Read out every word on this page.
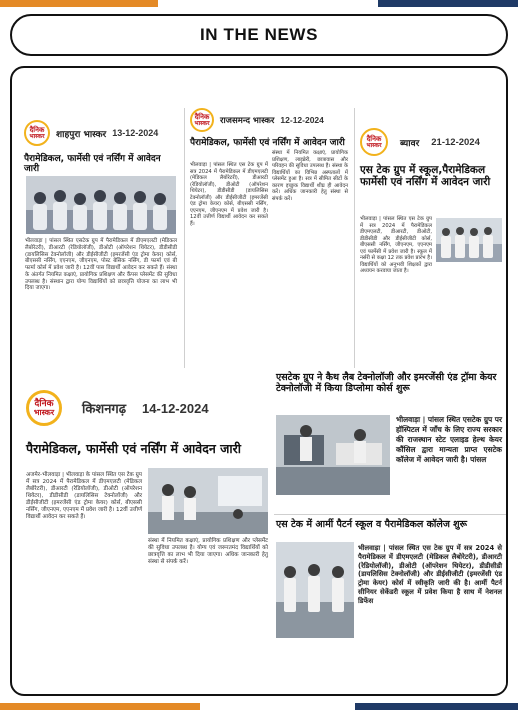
IN THE NEWS
दैनिक
भास्कर शाहपुरा भास्कर 13-12-2024
पैरामेडिकल, फार्मेसी एवं नर्सिंग में आवेदन जारी
भीलवाड़ा | पांसल स्थित एसटेक ग्रुप में पैरामेडिकल में डीएमएलटी (मेडिकल लैबोरेटरी), डीआरटी (रेडियोलॉजी), डीओटी (ऑपरेशन थियेटर), डीडीसीडी (डायलिसिस टेक्नोलॉजी) और डीईसीजीटी (इमरजेंसी एंड ट्रोमा केयर) कोर्स, बीएससी नर्सिंग, एएनएम, जीएनएम, पोस्ट बेसिक नर्सिंग, डी फार्मा एवं बी फार्मा कोर्स में प्रवेश जारी है। 12वीं पास विद्यार्थी आवेदन कर सकते हैं। संस्था के अंतर्गत नियमित कक्षाएं, प्रायोगिक प्रशिक्षण और कैंपस प्लेसमेंट की सुविधा उपलब्ध है। संस्थान द्वारा योग्य विद्यार्थियों को छात्रवृत्ति योजना का लाभ भी दिया जाएगा।
दैनिक
भास्कर राजसमन्द भास्कर 12-12-2024
पैरामेडिकल, फार्मेसी एवं नर्सिंग में आवेदन जारी
भीलवाड़ा | पांसल स्थित एस टेक ग्रुप में सत्र 2024 में पैरामेडिकल में डीएमएलटी (मेडिकल लैबोरेटरी), डीआरटी (रेडियोलॉजी), डीओटी (ऑपरेशन थियेटर), डीडीसीडी (डायलिसिस टेक्नोलॉजी) और डीईसीजीटी (इमरजेंसी एंड ट्रोमा केयर) कोर्स, बीएससी नर्सिंग, एएनएम, जीएनएम में प्रवेश जारी है। 12वीं उत्तीर्ण विद्यार्थी आवेदन कर सकते हैं।
संस्था में नियमित कक्षाएं, प्रायोगिक प्रशिक्षण, लाइब्रेरी, छात्रावास और परिवहन की सुविधा उपलब्ध है। संस्था के विद्यार्थियों का विभिन्न अस्पतालों में प्लेसमेंट हुआ है। सत्र में सीमित सीटों के कारण इच्छुक विद्यार्थी शीघ्र ही आवेदन करें। अधिक जानकारी हेतु संस्था से संपर्क करें।
दैनिक
भास्कर ब्यावर 21-12-2024
एस टेक ग्रुप में स्कूल,पैरामेडिकल फार्मेसी एवं नर्सिंग में आवेदन जारी
भीलवाड़ा | पांसल स्थित एस टेक ग्रुप में सत्र 2024 में पैरामेडिकल डीएमएलटी, डीआरटी, डीओटी, डीडीसीडी और डीईसीजीटी कोर्स, बीएससी नर्सिंग, जीएनएम, एएनएम एवं फार्मेसी में प्रवेश जारी है। स्कूल में नर्सरी से कक्षा 12 तक प्रवेश प्रारंभ है। विद्यार्थियों को अनुभवी शिक्षकों द्वारा अध्ययन करवाया जाता है।
एसटेक ग्रुप ने कैथ लैब टेक्नोलॉजी और इमरजेंसी एंड ट्रॉमा केयर टेक्नोलॉजी में किया डिप्लोमा कोर्स शुरू
भीलवाड़ा | पांसल स्थित एसटेक ग्रुप पर हॉस्पिटल में जाँच के लिए राज्य सरकार की राजस्थान स्टेट एलाइड हेल्थ केयर कौंसिल द्वारा मान्यता प्राप्त एसटेक कॉलेज में आवेदन जारी है। पांसल
दैनिक
भास्कर किशनगढ़ 14-12-2024
पैरामेडिकल, फार्मेसी एवं नर्सिंग में आवेदन जारी
अजमेर-भीलवाड़ा | भीलवाड़ा के पांसल स्थित एस टेक ग्रुप में सत्र 2024 में पैरामेडिकल में डीएमएलटी (मेडिकल लैबोरेटरी), डीआरटी (रेडियोलॉजी), डीओटी (ऑपरेशन थियेटर), डीडीसीडी (डायलिसिस टेक्नोलॉजी) और डीईसीजीटी (इमरजेंसी एंड ट्रोमा केयर) कोर्स, बीएससी नर्सिंग, जीएनएम, एएनएम में प्रवेश जारी है। 12वीं उत्तीर्ण विद्यार्थी आवेदन कर सकते हैं।
संस्था में नियमित कक्षाएं, प्रायोगिक प्रशिक्षण और प्लेसमेंट की सुविधा उपलब्ध है। योग्य एवं जरूरतमंद विद्यार्थियों को छात्रवृत्ति का लाभ भी दिया जाएगा। अधिक जानकारी हेतु संस्था से संपर्क करें।
एस टेक में आर्मी पैटर्न स्कूल व पैरामेडिकल कॉलेज शुरू
भीलवाड़ा | पांसल स्थित एस टेक ग्रुप में सत्र 2024 से पैरामेडिकल में डीएमएलटी (मेडिकल लैबोरेटरी), डीआरटी (रेडियोलॉजी), डीओटी (ऑपरेशन थियेटर), डीडीसीडी (डायलिसिस टेक्नोलॉजी) और डीईसीजीटी (इमरजेंसी एंड ट्रोमा केयर) कोर्स में स्वीकृति जारी की है। आर्मी पैटर्न सीनियर सेकेंडरी स्कूल में प्रवेश किया है साथ में नेशनल डिफेंस
